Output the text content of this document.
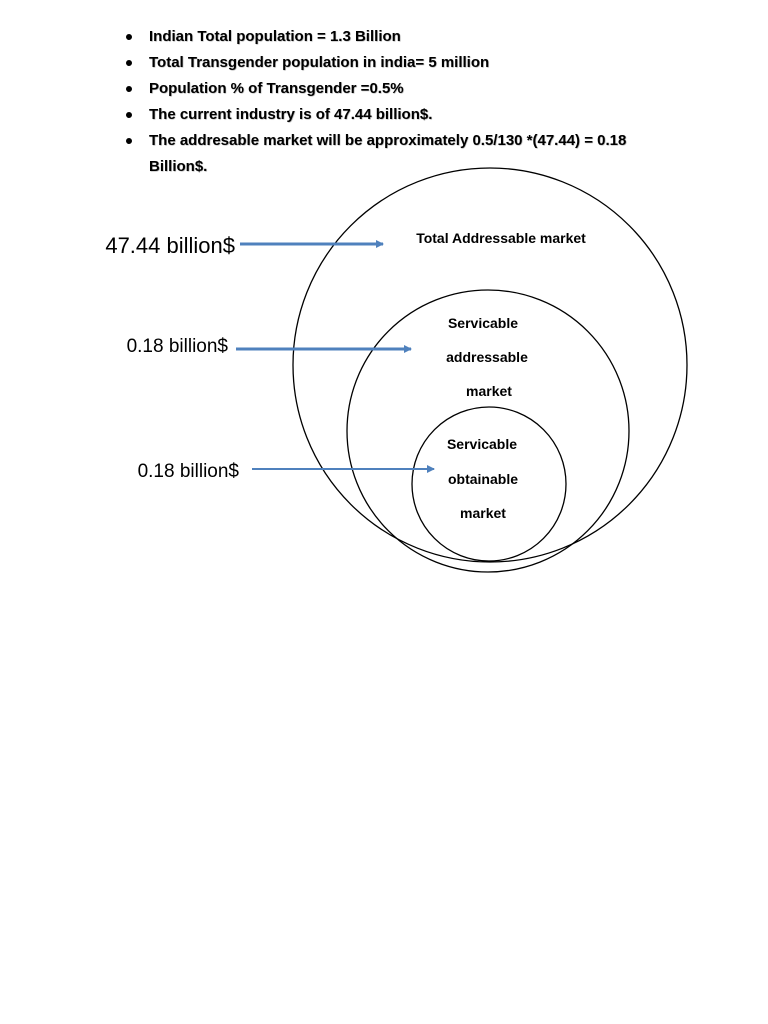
Indian Total population = 1.3 Billion
Total Transgender population in india= 5 million
Population % of Transgender =0.5%
The current industry is of 47.44 billion$.
The addresable market will be approximately 0.5/130 *(47.44) = 0.18 Billion$.
47.44 billion$
0.18 billion$
0.18 billion$
Total Addressable market
Servicable
addressable
market
Servicable
obtainable
market
